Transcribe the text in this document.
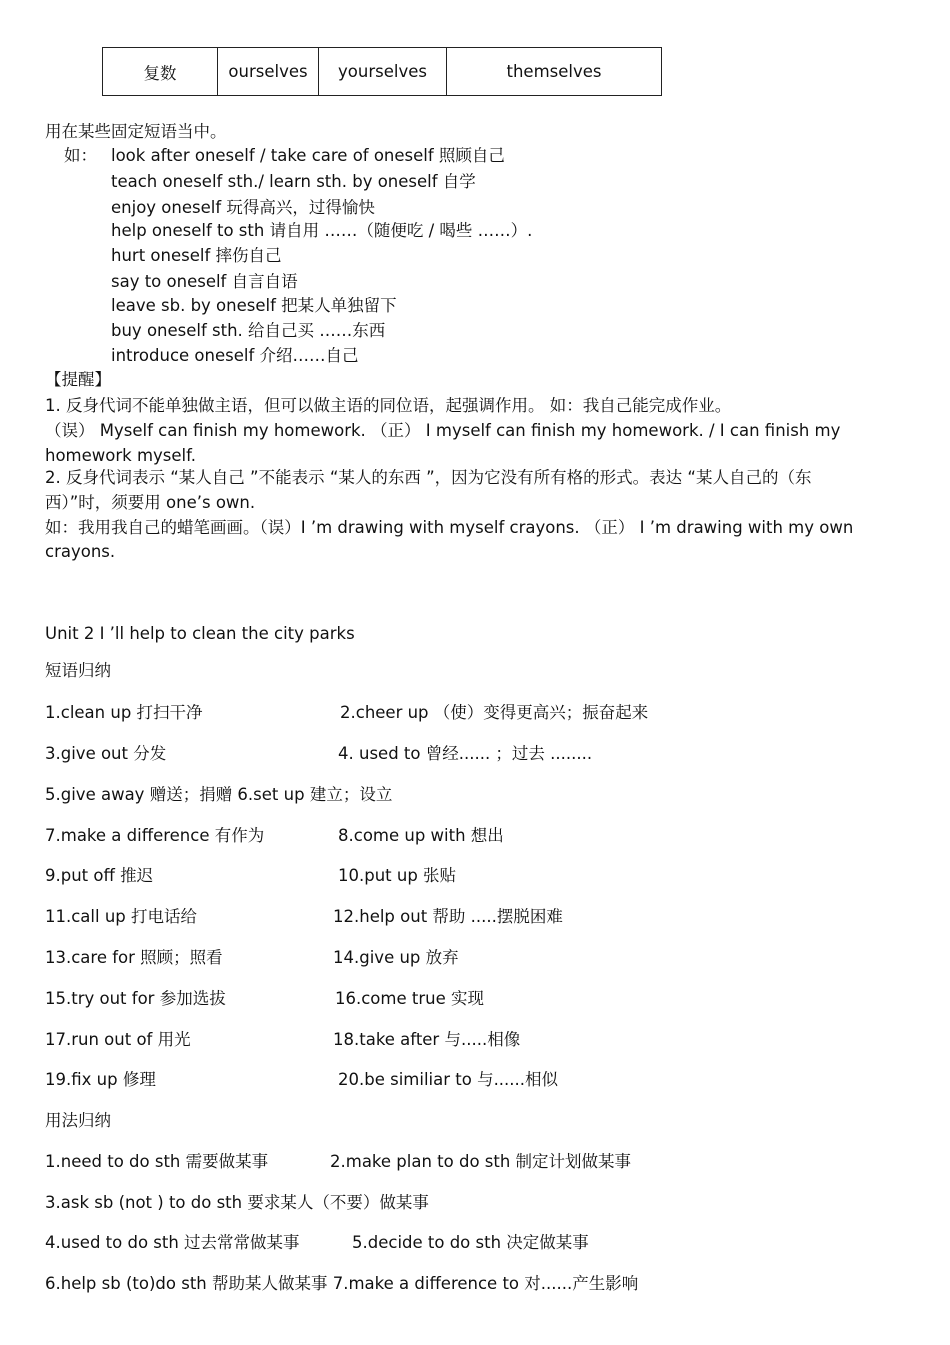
复数	ourselves	yourselves	themselves
用在某些固定短语当中。
如： look after oneself / take care of oneself 照顾自己
teach oneself sth./ learn sth. by oneself 自学
enjoy oneself 玩得高兴，过得愉快
help oneself to sth 请自用 ……（随便吃 / 喝些 ……）.
hurt oneself 摔伤自己
say to oneself 自言自语
leave sb. by oneself 把某人单独留下
buy oneself sth. 给自己买 ……东西
introduce oneself 介绍……自己
【提醒】
1. 反身代词不能单独做主语，但可以做主语的同位语，起强调作用。 如：我自己能完成作业。
（误） Myself can finish my homework. （正） I myself can finish my homework. / I can finish my
homework myself.
2. 反身代词表示 “某人自己 ”不能表示 “某人的东西 ”，因为它没有所有格的形式。表达 “某人自己的（东
西）”时，须要用 one’s own.
如：我用我自己的蜡笔画画。（误）I ’m drawing with myself crayons. （正） I ’m drawing with my own
crayons.
Unit 2 I ’ll help to clean the city parks
短语归纳
1.clean up 打扫干净	2.cheer up （使）变得更高兴；振奋起来
3.give out 分发	4. used to 曾经...... ；过去 ........
5.give away 赠送；捐赠 6.set up 建立；设立
7.make a difference 有作为	8.come up with 想出
9.put off 推迟	10.put up 张贴
11.call up 打电话给	12.help out 帮助 .....摆脱困难
13.care for 照顾；照看	14.give up 放弃
15.try out for 参加选拔	16.come true 实现
17.run out of 用光	18.take after 与.....相像
19.fix up 修理	20.be similiar to 与......相似
用法归纳
1.need to do sth 需要做某事	2.make plan to do sth 制定计划做某事
3.ask sb (not ) to do sth 要求某人（不要）做某事
4.used to do sth 过去常常做某事	5.decide to do sth 决定做某事
6.help sb (to)do sth 帮助某人做某事 7.make a difference to 对......产生影响
